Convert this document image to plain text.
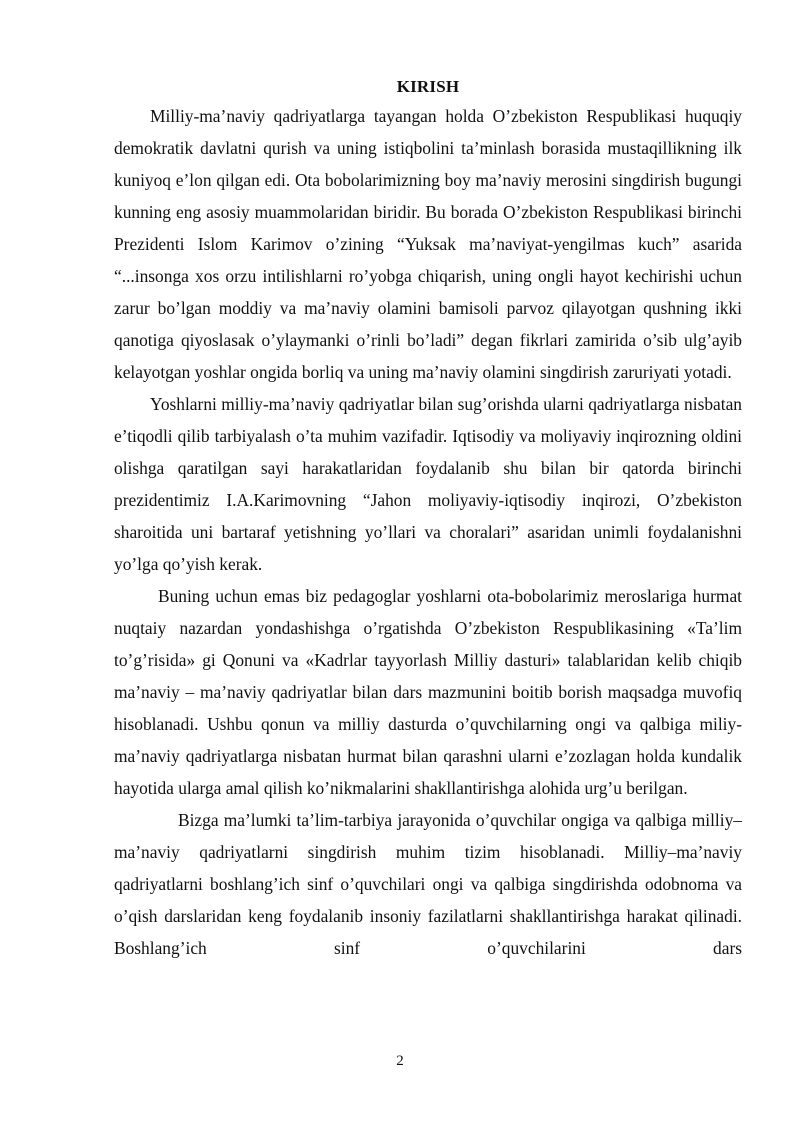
KIRISH

Milliy-ma’naviy qadriyatlarga tayangan holda O’zbekiston Respublikasi huquqiy demokratik davlatni qurish va uning istiqbolini ta’minlash borasida mustaqillikning ilk kuniyoq e’lon qilgan edi. Ota bobolarimizning boy ma’naviy merosini singdirish bugungi kunning eng asosiy muammolaridan biridir. Bu borada O’zbekiston Respublikasi birinchi Prezidenti Islom Karimov o’zining “Yuksak ma’naviyat-yengilmas kuch” asarida “...insonga xos orzu intilishlarni ro’yobga chiqarish, uning ongli hayot kechirishi uchun zarur bo’lgan moddiy va ma’naviy olamini bamisoli parvoz qilayotgan qushning ikki qanotiga qiyoslasak o’ylaymanki o’rinli bo’ladi” degan fikrlari zamirida o’sib ulg’ayib kelayotgan yoshlar ongida borliq va uning ma’naviy olamini singdirish zaruriyati yotadi.

Yoshlarni milliy-ma’naviy qadriyatlar bilan sug’orishda ularni qadriyatlarga nisbatan e’tiqodli qilib tarbiyalash o’ta muhim vazifadir. Iqtisodiy va moliyaviy inqirozning oldini olishga qaratilgan sayi harakatlaridan foydalanib shu bilan bir qatorda birinchi prezidentimiz I.A.Karimovning “Jahon moliyaviy-iqtisodiy inqirozi, O’zbekiston sharoitida uni bartaraf yetishning yo’llari va choralari” asaridan unimli foydalanishni yo’lga qo’yish kerak.

Buning uchun emas biz pedagoglar yoshlarni ota-bobolarimiz meroslariga hurmat nuqtaiy nazardan yondashishga o’rgatishda O’zbekiston Respublikasining «Ta’lim to’g’risida» gi Qonuni va «Kadrlar tayyorlash Milliy dasturi» talablaridan kelib chiqib ma’naviy – ma’naviy qadriyatlar bilan dars mazmunini boitib borish maqsadga muvofiq hisoblanadi. Ushbu qonun va milliy dasturda o’quvchilarning ongi va qalbiga miliy-ma’naviy qadriyatlarga nisbatan hurmat bilan qarashni ularni e’zozlagan holda kundalik hayotida ularga amal qilish ko’nikmalarini shakllantirishga alohida urg’u berilgan.

Bizga ma’lumki ta’lim-tarbiya jarayonida o’quvchilar ongiga va qalbiga milliy–ma’naviy qadriyatlarni singdirish muhim tizim hisoblanadi. Milliy–ma’naviy qadriyatlarni boshlang’ich sinf o’quvchilari ongi va qalbiga singdirishda odobnoma va o’qish darslaridan keng foydalanib insoniy fazilatlarni shakllantirishga harakat qilinadi. Boshlang’ich sinf o’quvchilarini dars

2
